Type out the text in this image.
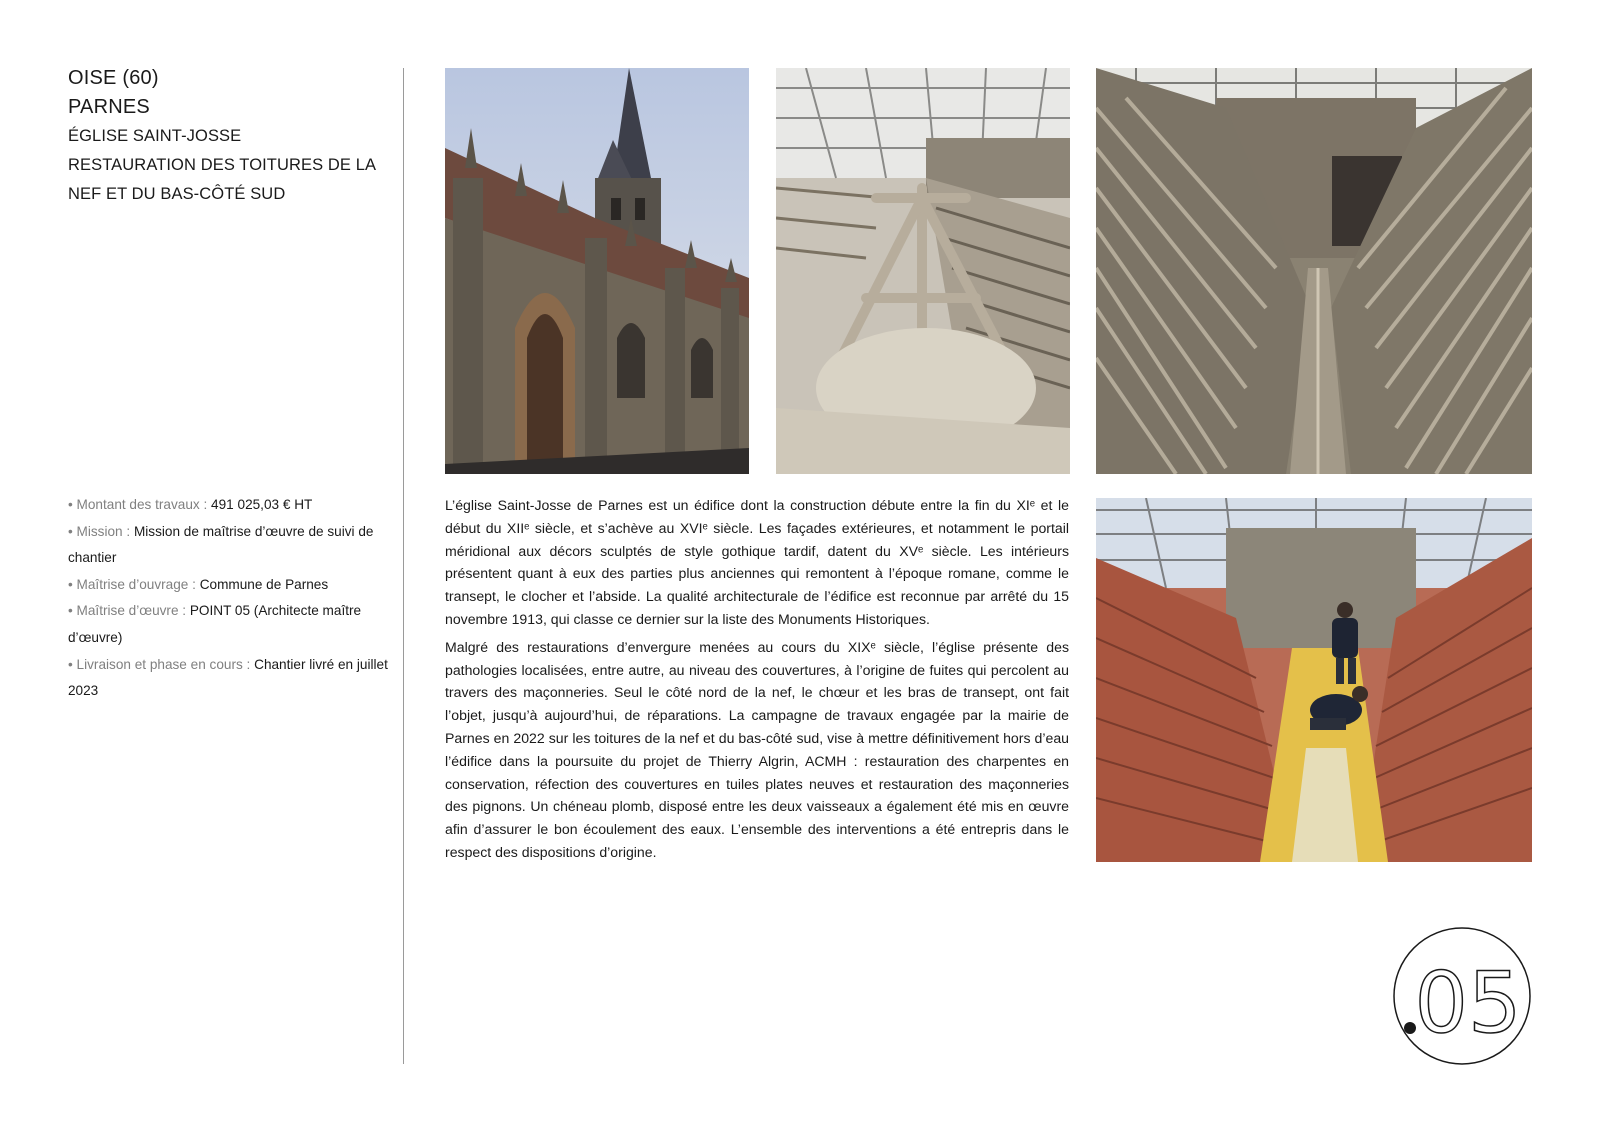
OISE (60)
PARNES
ÉGLISE SAINT-JOSSE
RESTAURATION DES TOITURES DE LA
NEF ET DU BAS-CÔTÉ SUD
• Montant des travaux : 491 025,03 € HT
• Mission : Mission de maîtrise d’œuvre de suivi de chantier
• Maîtrise d’ouvrage : Commune de Parnes
• Maîtrise d’œuvre : POINT 05 (Architecte maître d’œuvre)
• Livraison et phase en cours : Chantier livré en juillet 2023

L’église Saint-Josse de Parnes est un édifice dont la construction débute entre la fin du XIᵉ et le début du XIIᵉ siècle, et s’achève au XVIᵉ siècle. Les façades extérieures, et notamment le portail méridional aux décors sculptés de style gothique tardif, datent du XVᵉ siècle. Les intérieurs présentent quant à eux des parties plus anciennes qui remontent à l’époque romane, comme le transept, le clocher et l’abside. La qualité architecturale de l’édifice est reconnue par arrêté du 15 novembre 1913, qui classe ce dernier sur la liste des Monuments Historiques.

Malgré des restaurations d’envergure menées au cours du XIXᵉ siècle, l’église présente des pathologies localisées, entre autre, au niveau des couvertures, à l’origine de fuites qui percolent au travers des maçonneries. Seul le côté nord de la nef, le chœur et les bras de transept, ont fait l’objet, jusqu’à aujourd’hui, de réparations. La campagne de travaux engagée par la mairie de Parnes en 2022 sur les toitures de la nef et du bas-côté sud, vise à mettre définitivement hors d’eau l’édifice dans la poursuite du projet de Thierry Algrin, ACMH : restauration des charpentes en conservation, réfection des couvertures en tuiles plates neuves et restauration des maçonneries des pignons. Un chéneau plomb, disposé entre les deux vaisseaux a également été mis en œuvre afin d’assurer le bon écoulement des eaux. L’ensemble des interventions a été entrepris dans le respect des dispositions d’origine.

05
